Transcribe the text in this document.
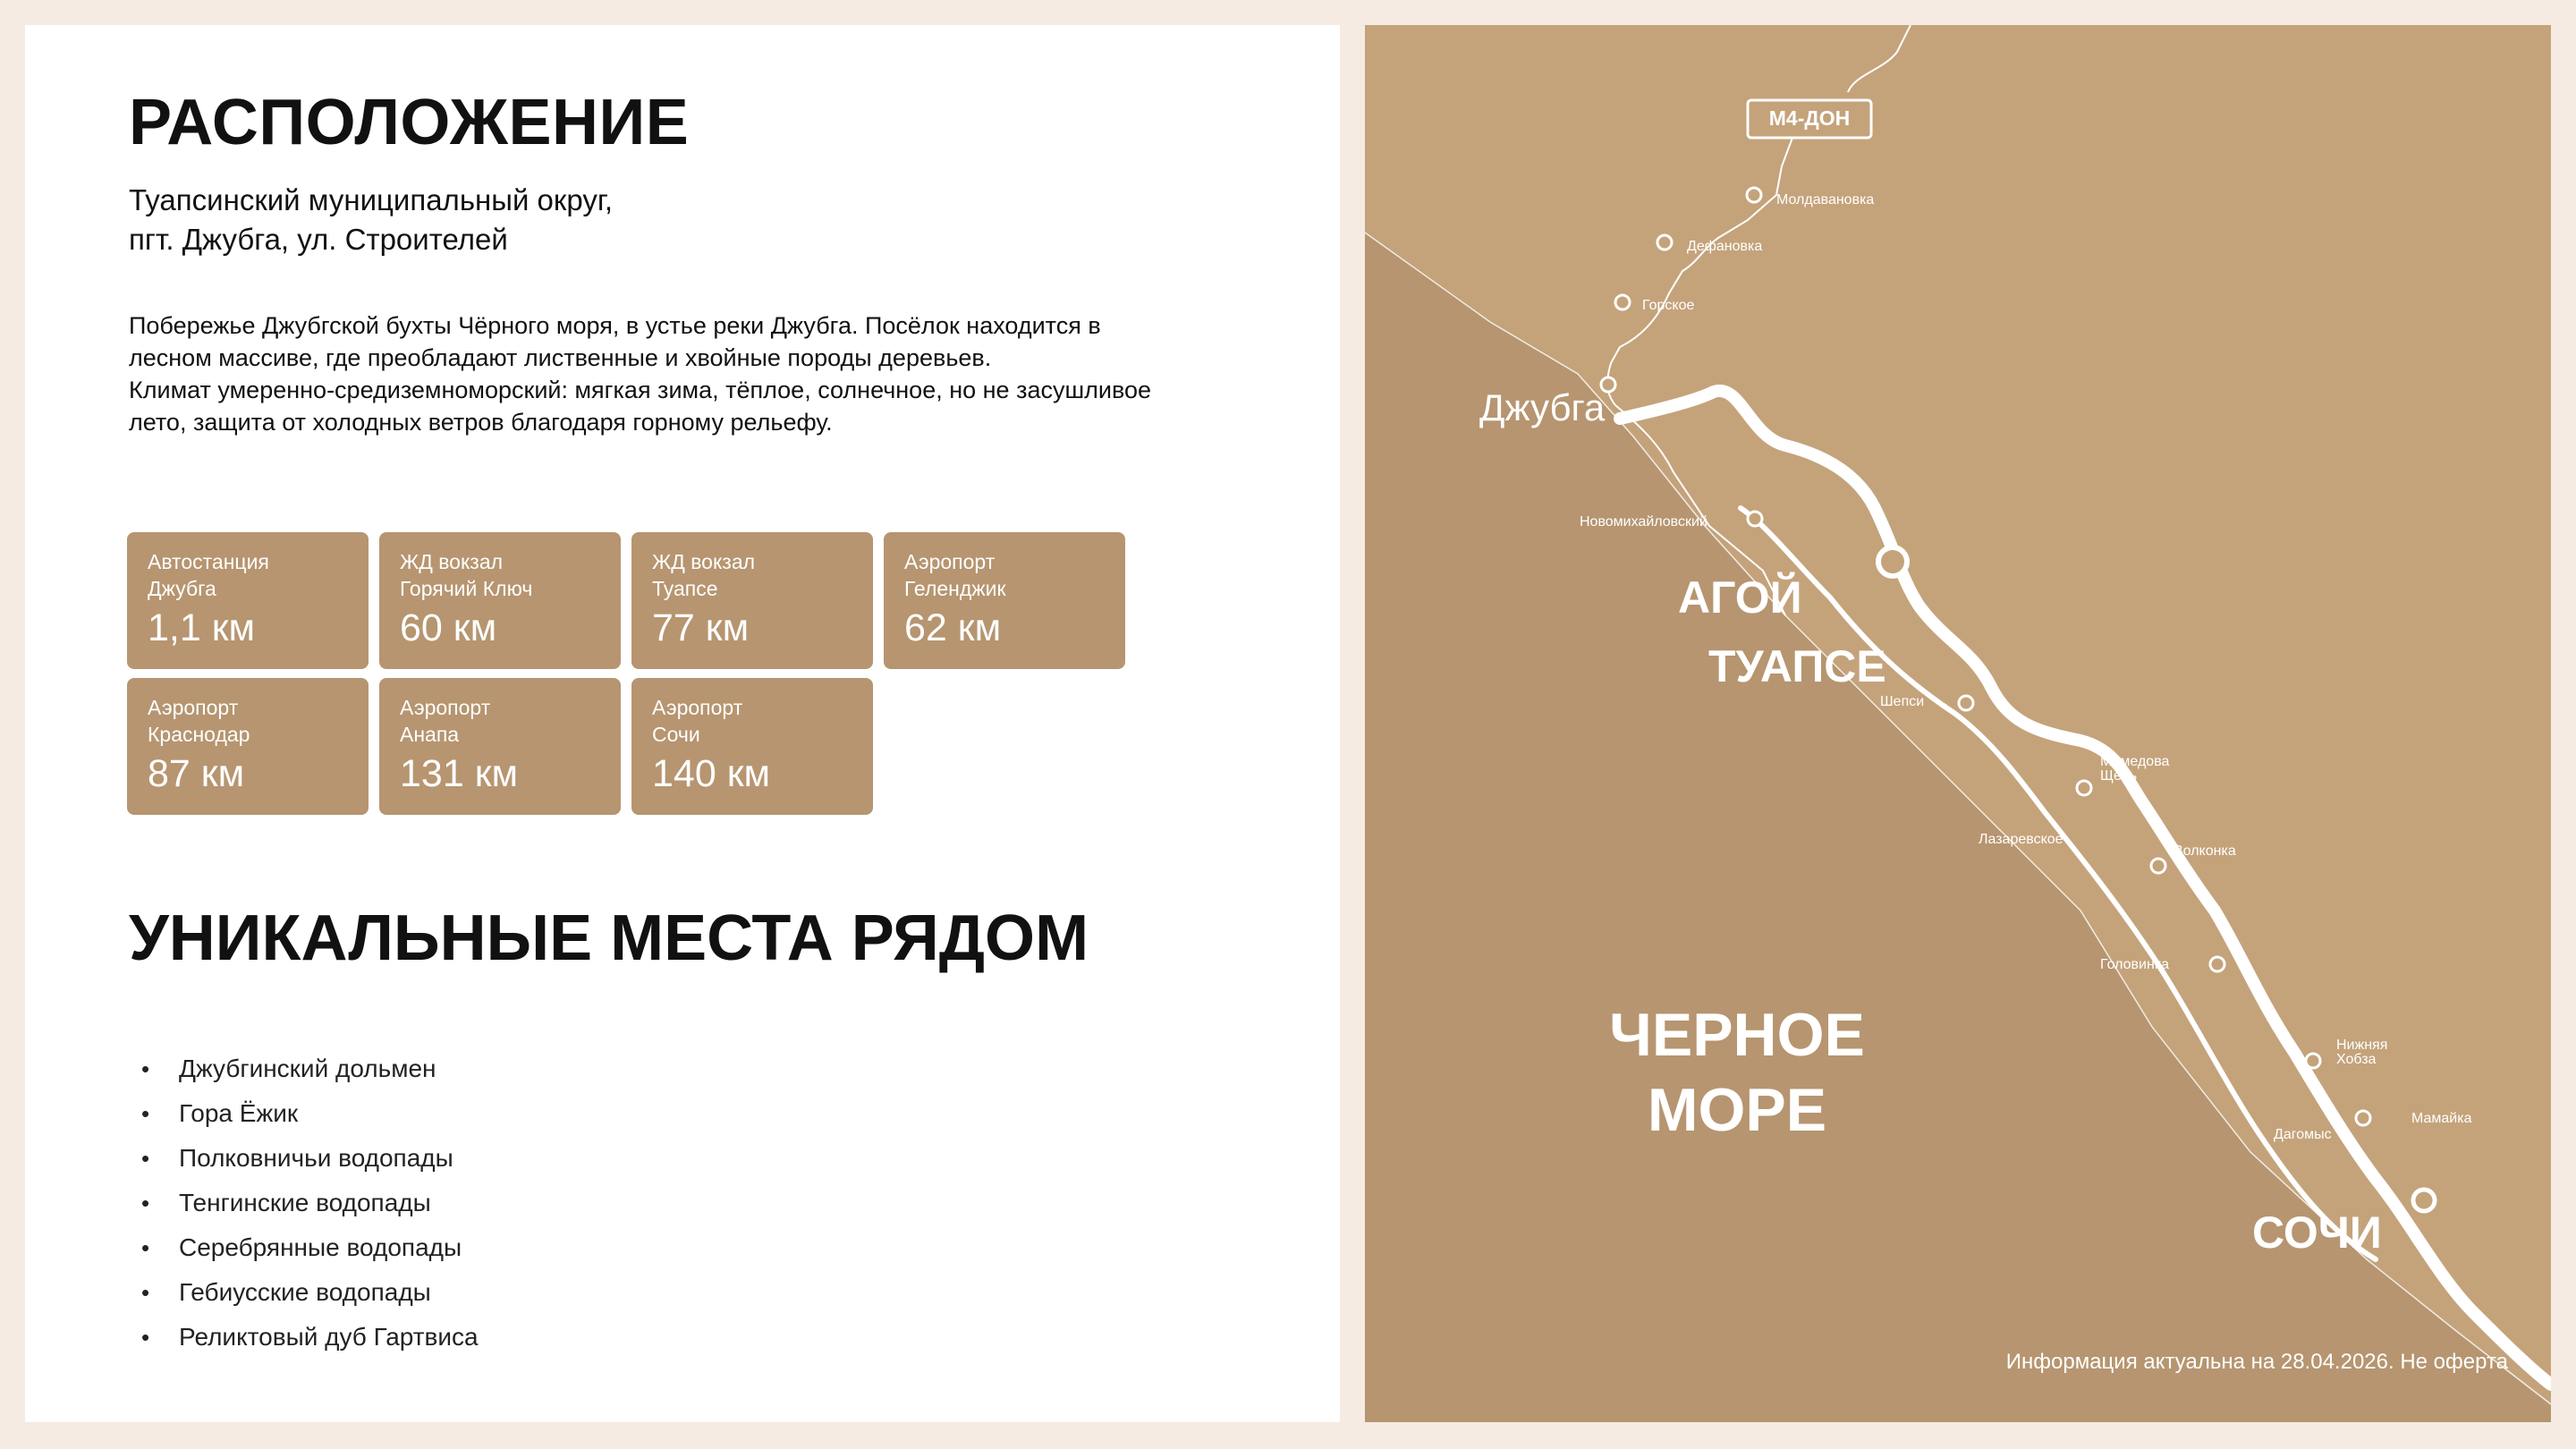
РАСПОЛОЖЕНИЕ
Туапсинский муниципальный округ,
пгт. Джубга, ул. Строителей

Побережье Джубгской бухты Чёрного моря, в устье реки Джубга. Посёлок находится в лесном массиве, где преобладают лиственные и хвойные породы деревьев.

Климат умеренно-средиземноморский: мягкая зима, тёплое, солнечное, но не засушливое лето, защита от холодных ветров благодаря горному рельефу.

Автостанция
Джубга
1,1 км
ЖД вокзал
Горячий Ключ
60 км
ЖД вокзал
Туапсе
77 км
Аэропорт
Геленджик
62 км
Аэропорт
Краснодар
87 км
Аэропорт
Анапа
131 км
Аэропорт
Сочи
140 км
УНИКАЛЬНЫЕ МЕСТА РЯДОМ
• Джубгинский дольмен
• Гора Ёжик
• Полковничьи водопады
• Тенгинские водопады
• Серебрянные водопады
• Гебиусские водопады
• Реликтовый дуб Гартвиса
М4-ДОН
Молдавановка
Дефановка
Горское
Новомихайловский
Шепси
Мамедова
Щель
Лазаревское
Волконка
Головинка
Нижняя
Хобза
Дагомыс
Мамайка
Джубга
АГОЙ
ТУАПСЕ
СОЧИ
ЧЕРНОЕ
МОРЕ
Информация актуальна на 28.04.2026. Не оферта
